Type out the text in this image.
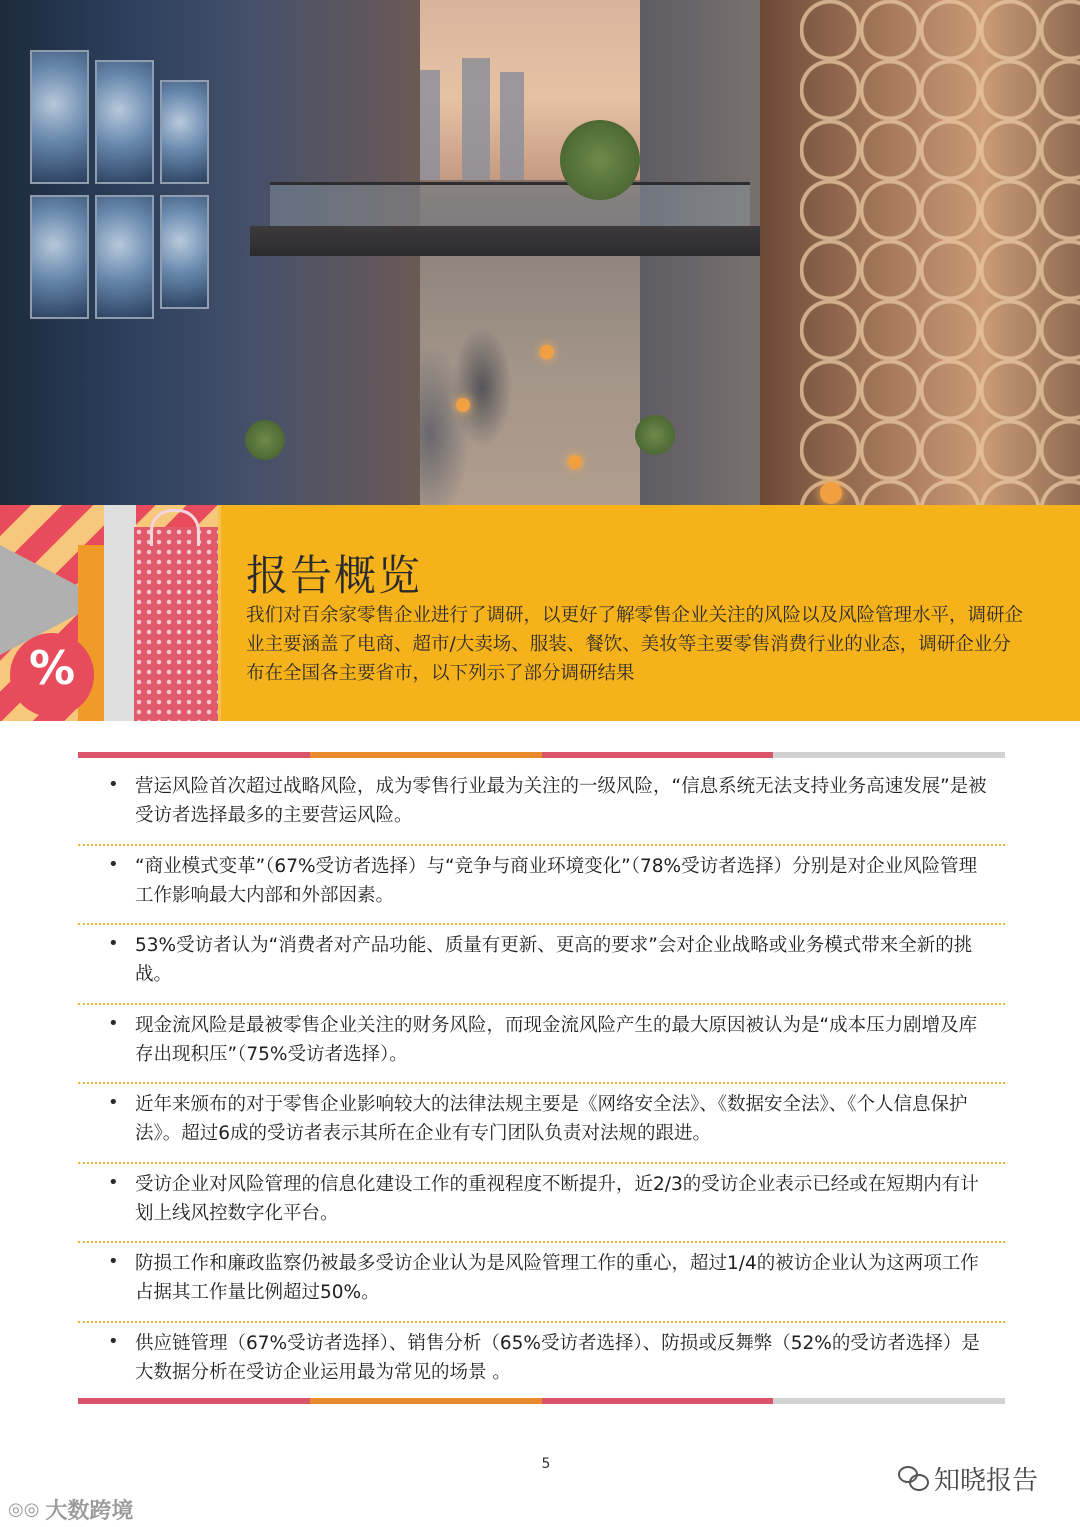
%
报告概览
我们对百余家零售企业进行了调研，以更好了解零售企业关注的风险以及风险管理水平，调研企业主要涵盖了电商、超市/大卖场、服装、餐饮、美妆等主要零售消费行业的业态，调研企业分布在全国各主要省市，以下列示了部分调研结果
• 营运风险首次超过战略风险，成为零售行业最为关注的一级风险，“信息系统无法支持业务高速发展”是被受访者选择最多的主要营运风险。
• “商业模式变革”（67%受访者选择）与“竞争与商业环境变化”（78%受访者选择）分别是对企业风险管理工作影响最大内部和外部因素。
• 53%受访者认为“消费者对产品功能、质量有更新、更高的要求”会对企业战略或业务模式带来全新的挑战。
• 现金流风险是最被零售企业关注的财务风险，而现金流风险产生的最大原因被认为是“成本压力剧增及库存出现积压”（75%受访者选择）。
• 近年来颁布的对于零售企业影响较大的法律法规主要是《网络安全法》、《数据安全法》、《个人信息保护法》。超过6成的受访者表示其所在企业有专门团队负责对法规的跟进。
• 受访企业对风险管理的信息化建设工作的重视程度不断提升，近2/3的受访企业表示已经或在短期内有计划上线风控数字化平台。
• 防损工作和廉政监察仍被最多受访企业认为是风险管理工作的重心，超过1/4的被访企业认为这两项工作占据其工作量比例超过50%。
• 供应链管理（67%受访者选择）、销售分析（65%受访者选择）、防损或反舞弊（52%的受访者选择）是大数据分析在受访企业运用最为常见的场景 。
5
知晓报告
◎◎ 大数跨境
